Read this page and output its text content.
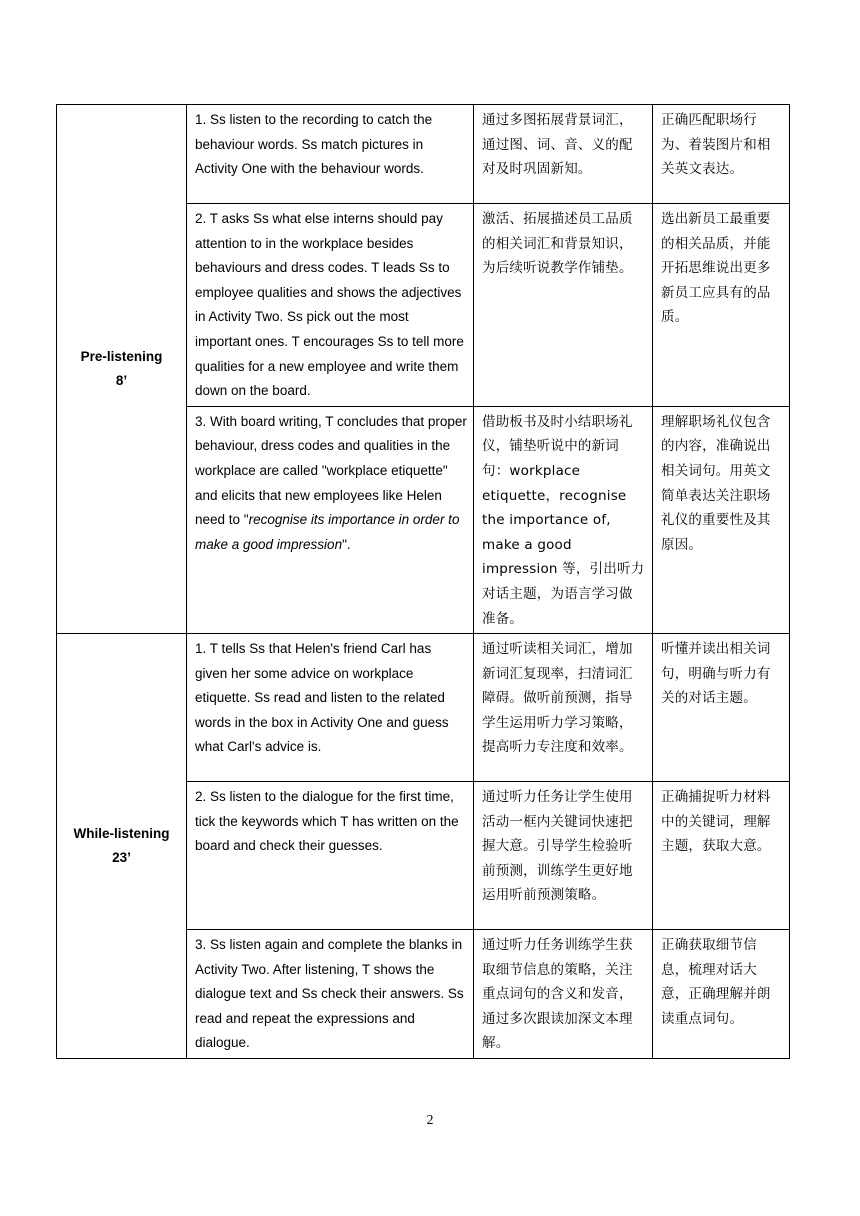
Pre-listening
8’	1. Ss listen to the recording to catch the behaviour words. Ss match pictures in Activity One with the behaviour words.	通过多图拓展背景词汇，通过图、词、音、义的配对及时巩固新知。	正确匹配职场行为、着装图片和相关英文表达。
	2. T asks Ss what else interns should pay attention to in the workplace besides behaviours and dress codes. T leads Ss to employee qualities and shows the adjectives in Activity Two. Ss pick out the most important ones. T encourages Ss to tell more qualities for a new employee and write them down on the board.	激活、拓展描述员工品质的相关词汇和背景知识，为后续听说教学作铺垫。	选出新员工最重要的相关品质，并能开拓思维说出更多新员工应具有的品质。
	3. With board writing, T concludes that proper behaviour, dress codes and qualities in the workplace are called "workplace etiquette" and elicits that new employees like Helen need to "recognise its importance in order to make a good impression".	借助板书及时小结职场礼仪，铺垫听说中的新词句：workplace etiquette，recognise the importance of, make a good impression 等，引出听力对话主题，为语言学习做准备。	理解职场礼仪包含的内容，准确说出相关词句。用英文简单表达关注职场礼仪的重要性及其原因。

While-listening
23’	1. T tells Ss that Helen's friend Carl has given her some advice on workplace etiquette. Ss read and listen to the related words in the box in Activity One and guess what Carl's advice is.	通过听读相关词汇，增加新词汇复现率，扫清词汇障碍。做听前预测，指导学生运用听力学习策略，提高听力专注度和效率。	听懂并读出相关词句，明确与听力有关的对话主题。
	2. Ss listen to the dialogue for the first time, tick the keywords which T has written on the board and check their guesses.	通过听力任务让学生使用活动一框内关键词快速把握大意。引导学生检验听前预测，训练学生更好地运用听前预测策略。	正确捕捉听力材料中的关键词，理解主题，获取大意。
	3. Ss listen again and complete the blanks in Activity Two. After listening, T shows the dialogue text and Ss check their answers. Ss read and repeat the expressions and dialogue.	通过听力任务训练学生获取细节信息的策略，关注重点词句的含义和发音，通过多次跟读加深文本理解。	正确获取细节信息，梳理对话大意，正确理解并朗读重点词句。
2
